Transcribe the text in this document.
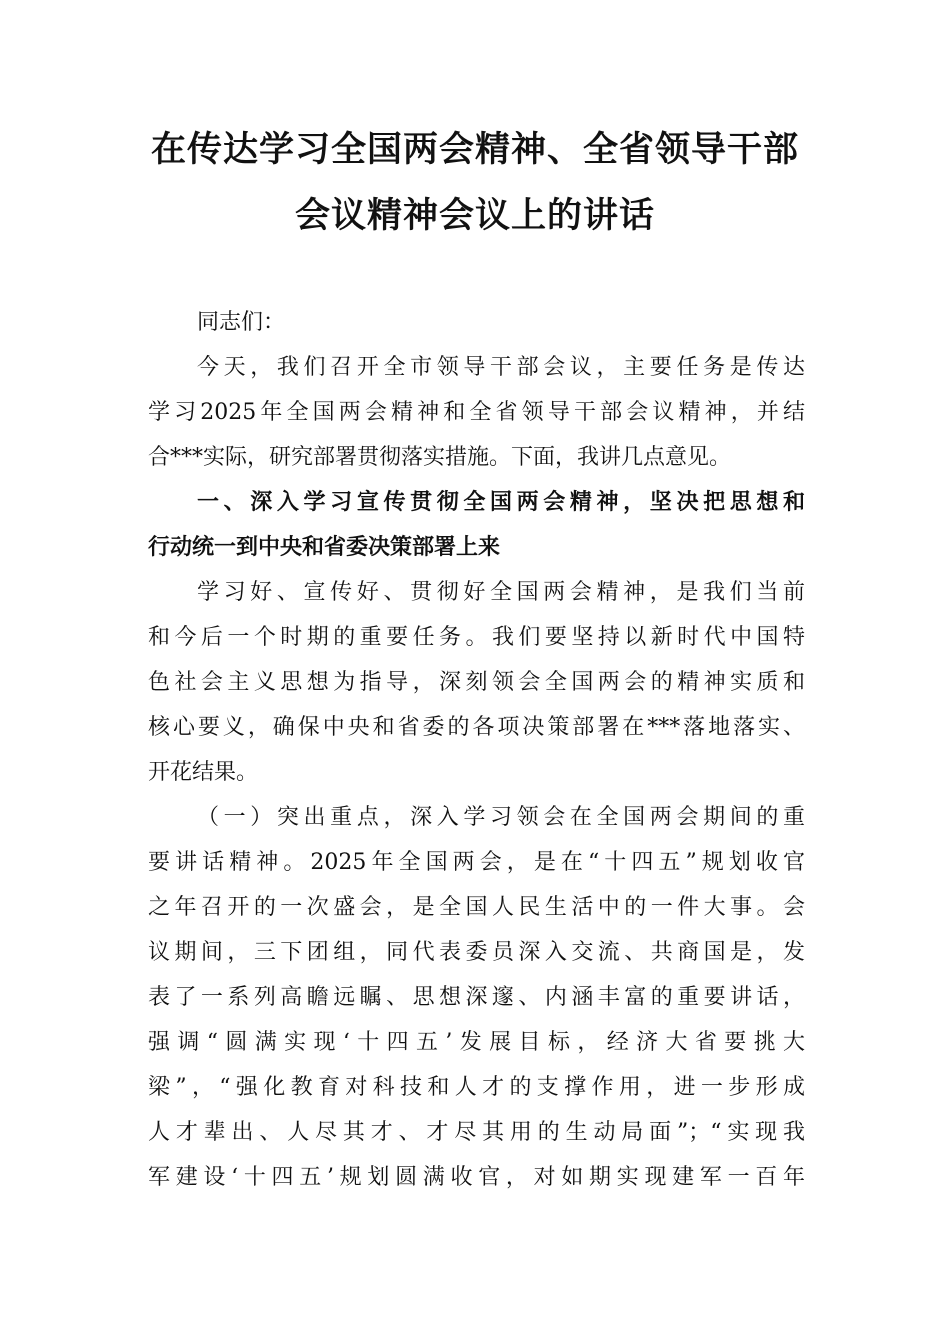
在传达学习全国两会精神、全省领导干部
会议精神会议上的讲话
同志们：
今天，我们召开全市领导干部会议，主要任务是传达
学习2025年全国两会精神和全省领导干部会议精神，并结
合***实际，研究部署贯彻落实措施。下面，我讲几点意见。
一、深入学习宣传贯彻全国两会精神，坚决把思想和
行动统一到中央和省委决策部署上来
学习好、宣传好、贯彻好全国两会精神，是我们当前
和今后一个时期的重要任务。我们要坚持以新时代中国特
色社会主义思想为指导，深刻领会全国两会的精神实质和
核心要义，确保中央和省委的各项决策部署在***落地落实、
开花结果。
（一）突出重点，深入学习领会在全国两会期间的重
要讲话精神。2025年全国两会，是在“十四五”规划收官
之年召开的一次盛会，是全国人民生活中的一件大事。会
议期间，三下团组，同代表委员深入交流、共商国是，发
表了一系列高瞻远瞩、思想深邃、内涵丰富的重要讲话，
强调“圆满实现‘十四五’发展目标，经济大省要挑大
梁”，“强化教育对科技和人才的支撑作用，进一步形成
人才辈出、人尽其才、才尽其用的生动局面”；“实现我
军建设‘十四五’规划圆满收官，对如期实现建军一百年
